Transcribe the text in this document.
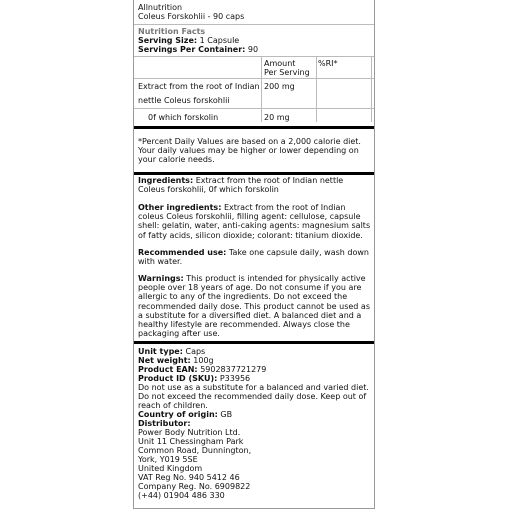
Allnutrition
Coleus Forskohlii - 90 caps
Nutrition Facts
Serving Size: 1 Capsule
Servings Per Container: 90
Amount
Per Serving
%RI*
Extract from the root of Indian
nettle Coleus forskohlii
200 mg
0f which forskolin	20 mg
*Percent Daily Values are based on a 2,000 calorie diet. Your daily values may be higher or lower depending on your calorie needs.
Ingredients: Extract from the root of Indian nettle Coleus forskohlii, 0f which forskolin
Other ingredients: Extract from the root of Indian coleus Coleus forskohlii, filling agent: cellulose, capsule shell: gelatin, water, anti-caking agents: magnesium salts of fatty acids, silicon dioxide; colorant: titanium dioxide.
Recommended use: Take one capsule daily, wash down with water.
Warnings: This product is intended for physically active people over 18 years of age. Do not consume if you are allergic to any of the ingredients. Do not exceed the recommended daily dose. This product cannot be used as a substitute for a diversified diet. A balanced diet and a healthy lifestyle are recommended. Always close the packaging after use.
Unit type: Caps
Net weight: 100g
Product EAN: 5902837721279
Product ID (SKU): P33956
Do not use as a substitute for a balanced and varied diet. Do not exceed the recommended daily dose. Keep out of reach of children.
Country of origin: GB
Distributor:
Power Body Nutrition Ltd.
Unit 11 Chessingham Park
Common Road, Dunnington,
York, Y019 5SE
United Kingdom
VAT Reg No. 940 5412 46
Company Reg. No. 6909822
(+44) 01904 486 330
